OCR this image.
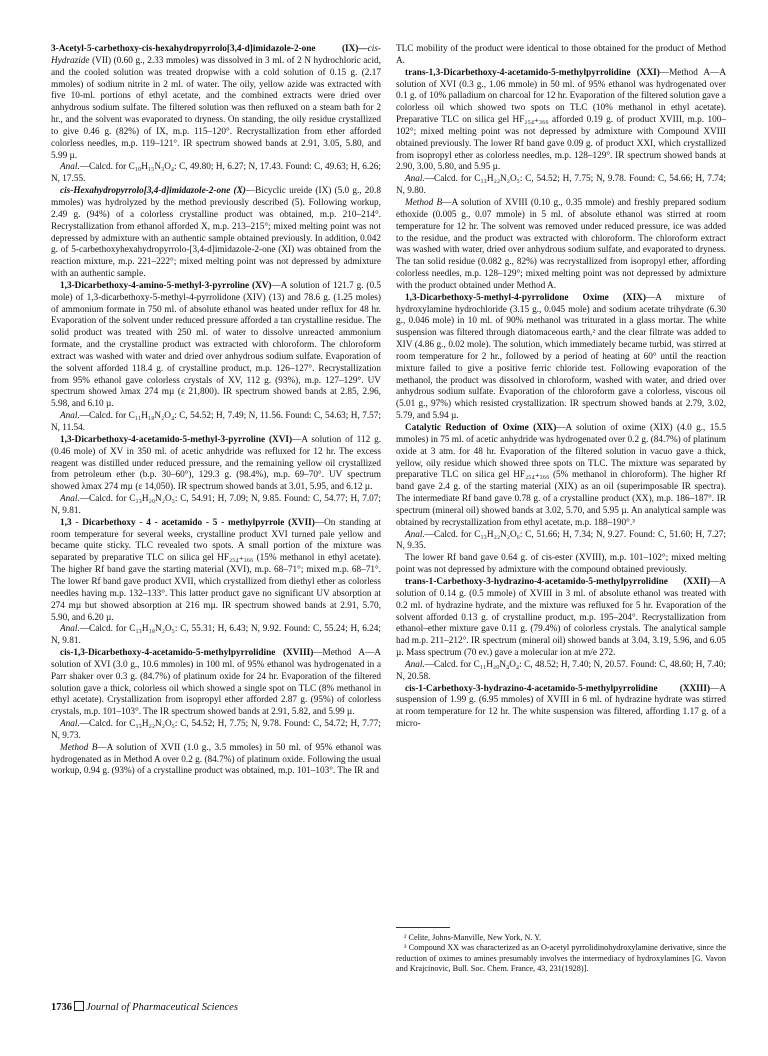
3-Acetyl-5-carbethoxy-cis-hexahydropyrrolo[3,4-d]imidazole-2-one (IX)—cis-Hydrazide (VII) (0.60 g., 2.33 mmoles) was dissolved in 3 ml. of 2 N hydrochloric acid, and the cooled solution was treated dropwise with a cold solution of 0.15 g. (2.17 mmoles) of sodium nitrite in 2 ml. of water. The oily, yellow azide was extracted with five 10-ml. portions of ethyl acetate, and the combined extracts were dried over anhydrous sodium sulfate. The filtered solution was then refluxed on a steam bath for 2 hr., and the solvent was evaporated to dryness. On standing, the oily residue crystallized to give 0.46 g. (82%) of IX, m.p. 115–120°. Recrystallization from ether afforded colorless needles, m.p. 119–121°. IR spectrum showed bands at 2.91, 3.05, 5.80, and 5.99 µ.

Anal.—Calcd. for C₁₀H₁₅N₃O₄: C, 49.80; H, 6.27; N, 17.43. Found: C, 49.63; H, 6.26; N, 17.55.

cis-Hexahydropyrrolo[3,4-d]imidazole-2-one (X)—Bicyclic ureide (IX) (5.0 g., 20.8 mmoles) was hydrolyzed by the method previously described (5). Following workup, 2.49 g. (94%) of a colorless crystalline product was obtained, m.p. 210–214°. Recrystallization from ethanol afforded X, m.p. 213–215°; mixed melting point was not depressed by admixture with an authentic sample obtained previously. In addition, 0.042 g. of 5-carbethoxyhexahydropyrrolo-[3,4-d]imidazole-2-one (XI) was obtained from the reaction mixture, m.p. 221–222°; mixed melting point was not depressed by admixture with an authentic sample.

1,3-Dicarbethoxy-4-amino-5-methyl-3-pyrroline (XV)—A solution of 121.7 g. (0.5 mole) of 1,3-dicarbethoxy-5-methyl-4-pyrrolidone (XIV) (13) and 78.6 g. (1.25 moles) of ammonium formate in 750 ml. of absolute ethanol was heated under reflux for 48 hr. Evaporation of the solvent under reduced pressure afforded a tan crystalline residue. The solid product was treated with 250 ml. of water to dissolve unreacted ammonium formate, and the crystalline product was extracted with chloroform. The chloroform extract was washed with water and dried over anhydrous sodium sulfate. Evaporation of the solvent afforded 118.4 g. of crystalline product, m.p. 126–127°. Recrystallization from 95% ethanol gave colorless crystals of XV, 112 g. (93%), m.p. 127–129°. UV spectrum showed λmax 274 mµ (ε 21,800). IR spectrum showed bands at 2.85, 2.96, 5.98, and 6.10 µ.

Anal.—Calcd. for C₁₁H₁₈N₂O₄: C, 54.52; H, 7.49; N, 11.56. Found: C, 54.63; H, 7.57; N, 11.54.

1,3-Dicarbethoxy-4-acetamido-5-methyl-3-pyrroline (XVI)—A solution of 112 g. (0.46 mole) of XV in 350 ml. of acetic anhydride was refluxed for 12 hr. The excess reagent was distilled under reduced pressure, and the remaining yellow oil crystallized from petroleum ether (b.p. 30–60°), 129.3 g. (98.4%), m.p. 69–70°. UV spectrum showed λmax 274 mµ (ε 14,050). IR spectrum showed bands at 3.01, 5.95, and 6.12 µ.

Anal.—Calcd. for C₁₃H₂₀N₂O₅: C, 54.91; H, 7.09; N, 9.85. Found: C, 54.77; H, 7.07; N, 9.81.

1,3 - Dicarbethoxy - 4 - acetamido - 5 - methylpyrrole (XVII)—On standing at room temperature for several weeks, crystalline product XVI turned pale yellow and became quite sticky. TLC revealed two spots. A small portion of the mixture was separated by preparative TLC on silica gel HF₂₅₄₊₃₆₆ (15% methanol in ethyl acetate). The higher Rf band gave the starting material (XVI), m.p. 68–71°; mixed m.p. 68–71°. The lower Rf band gave product XVII, which crystallized from diethyl ether as colorless needles having m.p. 132–133°. This latter product gave no significant UV absorption at 274 mµ but showed absorption at 216 mµ. IR spectrum showed bands at 2.91, 5.70, 5.90, and 6.20 µ.

Anal.—Calcd. for C₁₃H₁₈N₂O₅: C, 55.31; H, 6.43; N, 9.92. Found: C, 55.24; H, 6.24; N, 9.81.

cis-1,3-Dicarbethoxy-4-acetamido-5-methylpyrrolidine (XVIII)—Method A—A solution of XVI (3.0 g., 10.6 mmoles) in 100 ml. of 95% ethanol was hydrogenated in a Parr shaker over 0.3 g. (84.7%) of platinum oxide for 24 hr. Evaporation of the filtered solution gave a thick, colorless oil which showed a single spot on TLC (8% methanol in ethyl acetate). Crystallization from isopropyl ether afforded 2.87 g. (95%) of colorless crystals, m.p. 101–103°. The IR spectrum showed bands at 2.91, 5.82, and 5.99 µ.

Anal.—Calcd. for C₁₃H₂₂N₂O₅: C, 54.52; H, 7.75; N, 9.78. Found: C, 54.72; H, 7.77; N, 9.73.

Method B—A solution of XVII (1.0 g., 3.5 mmoles) in 50 ml. of 95% ethanol was hydrogenated as in Method A over 0.2 g. (84.7%) of platinum oxide. Following the usual workup, 0.94 g. (93%) of a crystalline product was obtained, m.p. 101–103°. The IR and

TLC mobility of the product were identical to those obtained for the product of Method A.

trans-1,3-Dicarbethoxy-4-acetamido-5-methylpyrrolidine (XXI)—Method A—A solution of XVI (0.3 g., 1.06 mmole) in 50 ml. of 95% ethanol was hydrogenated over 0.1 g. of 10% palladium on charcoal for 12 hr. Evaporation of the filtered solution gave a colorless oil which showed two spots on TLC (10% methanol in ethyl acetate). Preparative TLC on silica gel HF₂₅₄₊₃₆₆ afforded 0.19 g. of product XVIII, m.p. 100–102°; mixed melting point was not depressed by admixture with Compound XVIII obtained previously. The lower Rf band gave 0.09 g. of product XXI, which crystallized from isopropyl ether as colorless needles, m.p. 128–129°. IR spectrum showed bands at 2.90, 3.00, 5.80, and 5.95 µ.

Anal.—Calcd. for C₁₃H₂₂N₂O₅: C, 54.52; H, 7.75; N, 9.78. Found: C, 54.66; H, 7.74; N, 9.80.

Method B—A solution of XVIII (0.10 g., 0.35 mmole) and freshly prepared sodium ethoxide (0.005 g., 0.07 mmole) in 5 ml. of absolute ethanol was stirred at room temperature for 12 hr. The solvent was removed under reduced pressure, ice was added to the residue, and the product was extracted with chloroform. The chloroform extract was washed with water, dried over anhydrous sodium sulfate, and evaporated to dryness. The tan solid residue (0.082 g., 82%) was recrystallized from isopropyl ether, affording colorless needles, m.p. 128–129°; mixed melting point was not depressed by admixture with the product obtained under Method A.

1,3-Dicarbethoxy-5-methyl-4-pyrrolidone Oxime (XIX)—A mixture of hydroxylamine hydrochloride (3.15 g., 0.045 mole) and sodium acetate trihydrate (6.30 g., 0.046 mole) in 10 ml. of 90% methanol was triturated in a glass mortar. The white suspension was filtered through diatomaceous earth,² and the clear filtrate was added to XIV (4.86 g., 0.02 mole). The solution, which immediately became turbid, was stirred at room temperature for 2 hr., followed by a period of heating at 60° until the reaction mixture failed to give a positive ferric chloride test. Following evaporation of the methanol, the product was dissolved in chloroform, washed with water, and dried over anhydrous sodium sulfate. Evaporation of the chloroform gave a colorless, viscous oil (5.01 g., 97%) which resisted crystallization. IR spectrum showed bands at 2.79, 3.02, 5.79, and 5.94 µ.

Catalytic Reduction of Oxime (XIX)—A solution of oxime (XIX) (4.0 g., 15.5 mmoles) in 75 ml. of acetic anhydride was hydrogenated over 0.2 g. (84.7%) of platinum oxide at 3 atm. for 48 hr. Evaporation of the filtered solution in vacuo gave a thick, yellow, oily residue which showed three spots on TLC. The mixture was separated by preparative TLC on silica gel HF₂₅₄₊₃₆₆ (5% methanol in chloroform). The higher Rf band gave 2.4 g. of the starting material (XIX) as an oil (superimposable IR spectra). The intermediate Rf band gave 0.78 g. of a crystalline product (XX), m.p. 186–187°. IR spectrum (mineral oil) showed bands at 3.02, 5.70, and 5.95 µ. An analytical sample was obtained by recrystallization from ethyl acetate, m.p. 188–190°.³

Anal.—Calcd. for C₁₃H₂₂N₂O₆: C, 51.66; H, 7.34; N, 9.27. Found: C, 51.60; H, 7.27; N, 9.35.

The lower Rf band gave 0.64 g. of cis-ester (XVIII), m.p. 101–102°; mixed melting point was not depressed by admixture with the compound obtained previously.

trans-1-Carbethoxy-3-hydrazino-4-acetamido-5-methylpyrrolidine (XXII)—A solution of 0.14 g. (0.5 mmole) of XVIII in 3 ml. of absolute ethanol was treated with 0.2 ml. of hydrazine hydrate, and the mixture was refluxed for 5 hr. Evaporation of the solvent afforded 0.13 g. of crystalline product, m.p. 195–204°. Recrystallization from ethanol–ether mixture gave 0.11 g. (79.4%) of colorless crystals. The analytical sample had m.p. 211–212°. IR spectrum (mineral oil) showed bands at 3.04, 3.19, 5.96, and 6.05 µ. Mass spectrum (70 ev.) gave a molecular ion at m/e 272.

Anal.—Calcd. for C₁₁H₂₀N₄O₄: C, 48.52; H, 7.40; N, 20.57. Found: C, 48.60; H, 7.40; N, 20.58.

cis-1-Carbethoxy-3-hydrazino-4-acetamido-5-methylpyrrolidine (XXIII)—A suspension of 1.99 g. (6.95 mmoles) of XVIII in 6 ml. of hydrazine hydrate was stirred at room temperature for 12 hr. The white suspension was filtered, affording 1.17 g. of a micro-

² Celite, Johns-Manville, New York, N. Y.

³ Compound XX was characterized as an O-acetyl pyrrolidinohydroxylamine derivative, since the reduction of oximes to amines presumably involves the intermediacy of hydroxylamines [G. Vavon and Krajcinovic, Bull. Soc. Chem. France, 43, 231(1928)].

1736 Journal of Pharmaceutical Sciences
